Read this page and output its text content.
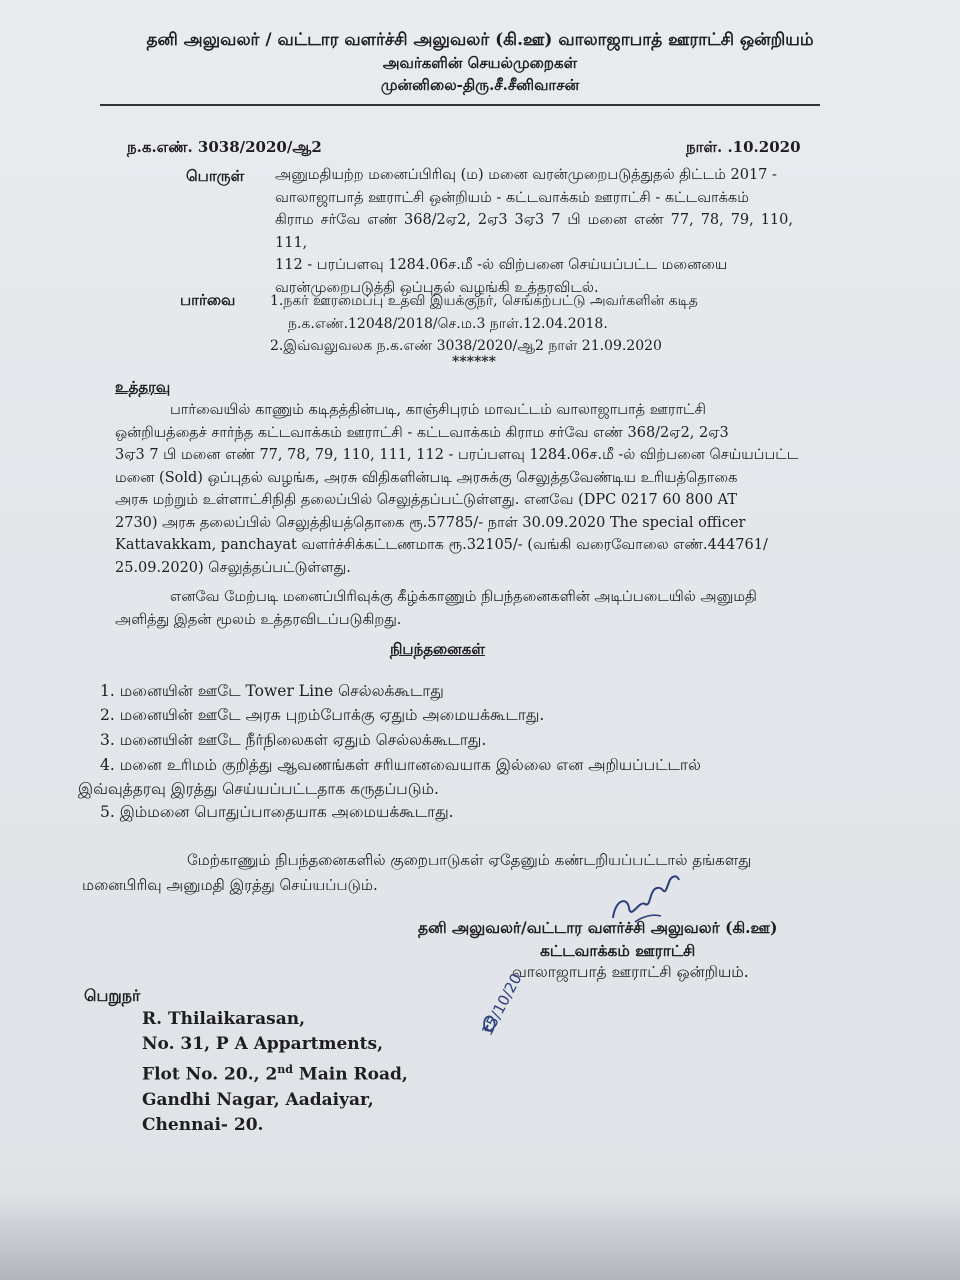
தனி அலுவலர் / வட்டார வளர்ச்சி அலுவலர் (கி.ஊ) வாலாஜாபாத் ஊராட்சி ஒன்றியம்
அவர்களின் செயல்முறைகள்
முன்னிலை-திரு.சீ.சீனிவாசன்
ந.க.எண். 3038/2020/ஆ2	நாள். .10.2020
பொருள் அனுமதியற்ற மனைப்பிரிவு (ம) மனை வரன்முறைபடுத்துதல் திட்டம் 2017 -

வாலாஜாபாத் ஊராட்சி ஒன்றியம் - கட்டவாக்கம் ஊராட்சி - கட்டவாக்கம்

கிராம சர்வே எண் 368/2ஏ2, 2ஏ3 3ஏ3 7 பி மனை எண் 77, 78, 79, 110, 111,

112 - பரப்பளவு 1284.06ச.மீ -ல் விற்பனை செய்யப்பட்ட மனையை

வரன்முறைபடுத்தி ஒப்புதல் வழங்கி உத்தரவிடல்.

பார்வை 1.நகர் ஊரமைப்பு உதவி இயக்குநர், செங்கற்பட்டு அவர்களின் கடித
ந.க.எண்.12048/2018/செ.ம.3 நாள்.12.04.2018.
2.இவ்வலுவலக ந.க.எண் 3038/2020/ஆ2 நாள் 21.09.2020
******
உத்தரவு

பார்வையில் காணும் கடிதத்தின்படி, காஞ்சிபுரம் மாவட்டம் வாலாஜாபாத் ஊராட்சி

ஒன்றியத்தைச் சார்ந்த கட்டவாக்கம் ஊராட்சி - கட்டவாக்கம் கிராம சர்வே எண் 368/2ஏ2, 2ஏ3

3ஏ3 7 பி மனை எண் 77, 78, 79, 110, 111, 112 - பரப்பளவு 1284.06ச.மீ -ல் விற்பனை செய்யப்பட்ட

மனை (Sold) ஒப்புதல் வழங்க, அரசு விதிகளின்படி அரசுக்கு செலுத்தவேண்டிய உரியத்தொகை

அரசு மற்றும் உள்ளாட்சிநிதி தலைப்பில் செலுத்தப்பட்டுள்ளது. எனவே (DPC 0217 60 800 AT

2730) அரசு தலைப்பில் செலுத்தியத்தொகை ரூ.57785/- நாள் 30.09.2020 The special officer

Kattavakkam, panchayat வளர்ச்சிக்கட்டணமாக ரூ.32105/- (வங்கி வரைவோலை எண்.444761/

25.09.2020) செலுத்தப்பட்டுள்ளது.

எனவே மேற்படி மனைப்பிரிவுக்கு கீழ்க்காணும் நிபந்தனைகளின் அடிப்படையில் அனுமதி

அளித்து இதன் மூலம் உத்தரவிடப்படுகிறது.

நிபந்தனைகள்
1. மனையின் ஊடே Tower Line செல்லக்கூடாது
2. மனையின் ஊடே அரசு புறம்போக்கு ஏதும் அமையக்கூடாது.
3. மனையின் ஊடே நீர்நிலைகள் ஏதும் செல்லக்கூடாது.
4. மனை உரிமம் குறித்து ஆவணங்கள் சரியானவையாக இல்லை என அறியப்பட்டால்
இவ்வுத்தரவு இரத்து செய்யப்பட்டதாக கருதப்படும்.
5. இம்மனை பொதுப்பாதையாக அமையக்கூடாது.

மேற்காணும் நிபந்தனைகளில் குறைபாடுகள் ஏதேனும் கண்டறியப்பட்டால் தங்களது

மனைபிரிவு அனுமதி இரத்து செய்யப்படும்.

தனி அலுவலர்/வட்டார வளர்ச்சி அலுவலர் (கி.ஊ)
கட்டவாக்கம் ஊராட்சி
வாலாஜாபாத் ஊராட்சி ஒன்றியம்.
பெறுநர்
R. Thilaikarasan,
No. 31, P A Appartments,
Flot No. 20., 2nd Main Road,
Gandhi Nagar, Aadaiyar,
Chennai- 20.
15/10/20
